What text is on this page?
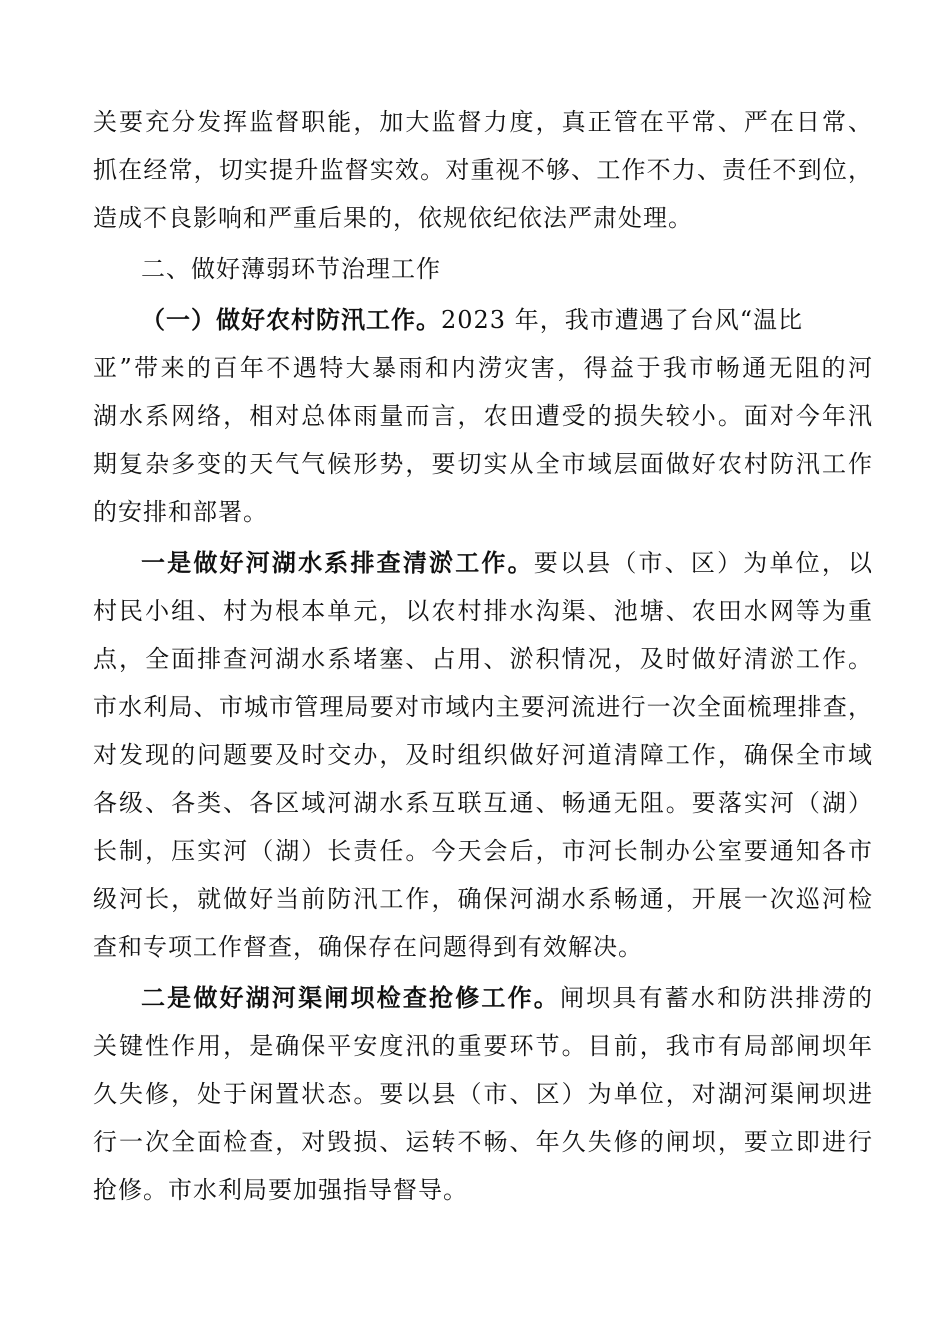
关要充分发挥监督职能，加大监督力度，真正管在平常、严在日常、
抓在经常，切实提升监督实效。对重视不够、工作不力、责任不到位，
造成不良影响和严重后果的，依规依纪依法严肃处理。
二、做好薄弱环节治理工作
（一）做好农村防汛工作。2023 年，我市遭遇了台风“温比
亚”带来的百年不遇特大暴雨和内涝灾害，得益于我市畅通无阻的河
湖水系网络，相对总体雨量而言，农田遭受的损失较小。面对今年汛
期复杂多变的天气气候形势，要切实从全市域层面做好农村防汛工作
的安排和部署。
一是做好河湖水系排查清淤工作。要以县（市、区）为单位，以
村民小组、村为根本单元，以农村排水沟渠、池塘、农田水网等为重
点，全面排查河湖水系堵塞、占用、淤积情况，及时做好清淤工作。
市水利局、市城市管理局要对市域内主要河流进行一次全面梳理排查，
对发现的问题要及时交办，及时组织做好河道清障工作，确保全市域
各级、各类、各区域河湖水系互联互通、畅通无阻。要落实河（湖）
长制，压实河（湖）长责任。今天会后，市河长制办公室要通知各市
级河长，就做好当前防汛工作，确保河湖水系畅通，开展一次巡河检
查和专项工作督查，确保存在问题得到有效解决。
二是做好湖河渠闸坝检查抢修工作。闸坝具有蓄水和防洪排涝的
关键性作用，是确保平安度汛的重要环节。目前，我市有局部闸坝年
久失修，处于闲置状态。要以县（市、区）为单位，对湖河渠闸坝进
行一次全面检查，对毁损、运转不畅、年久失修的闸坝，要立即进行
抢修。市水利局要加强指导督导。
